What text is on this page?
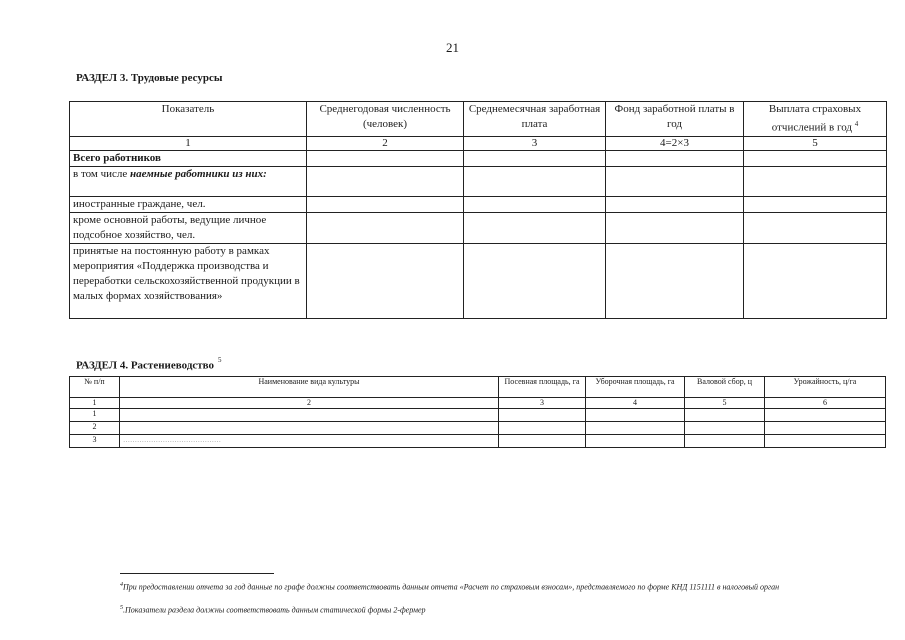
21
РАЗДЕЛ 3. Трудовые ресурсы
Показатель	Среднегодовая численность (человек)	Среднемесячная заработная плата	Фонд заработной платы в год	Выплата страховых отчислений в год $^4$
1	2	3	4=2×3	5
Всего работников				
в том числе наемные работники из них:				
иностранные граждане, чел.				
кроме основной работы, ведущие личное подсобное хозяйство, чел.				
принятые на постоянную работу в рамках мероприятия «Поддержка производства и переработки сельскохозяйственной продукции в малых формах хозяйствования»				
РАЗДЕЛ 4. Растениеводство $^5$
№ п/п	Наименование вида культуры	Посевная площадь, га	Уборочная площадь, га	Валовой сбор, ц	Урожайность, ц/га
1	2	3	4	5	6
1					
2					
3	……………………………………				
$^4$При предоставлении отчета за год данные по графе должны соответствовать данным отчета «Расчет по страховым взносам», представляемого по форме КНД 1151111 в налоговый орган
$^5$.Показатели раздела должны соответствовать данным статической формы 2-фермер
